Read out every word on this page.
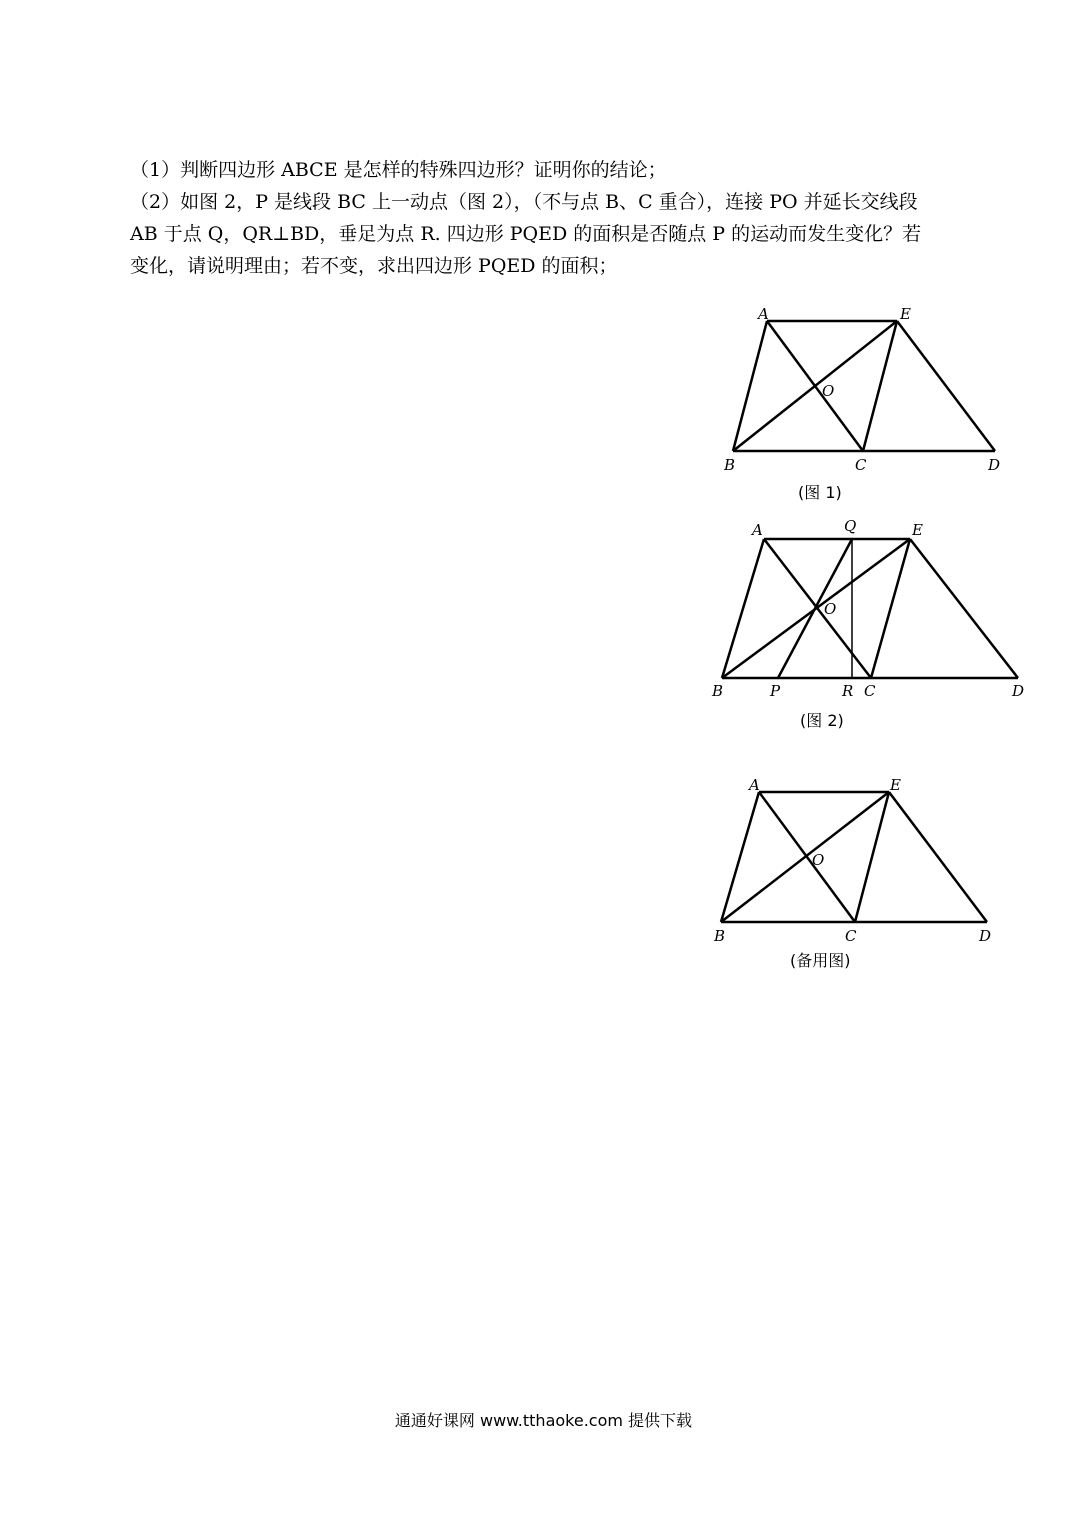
（1）判断四边形 ABCE 是怎样的特殊四边形？证明你的结论；
（2）如图 2，P 是线段 BC 上一动点（图 2），（不与点 B、C 重合），连接 PO 并延长交线段
AB 于点 Q，QR⊥BD，垂足为点 R. 四边形 PQED 的面积是否随点 P 的运动而发生变化？若
变化，请说明理由；若不变，求出四边形 PQED 的面积；
A	E
O
B	C	D
(图 1)
A	Q	E
O
B	P	R C	D
(图 2)
A	E
O
B	C	D
(备用图)
通通好课网 www.tthaoke.com 提供下载
